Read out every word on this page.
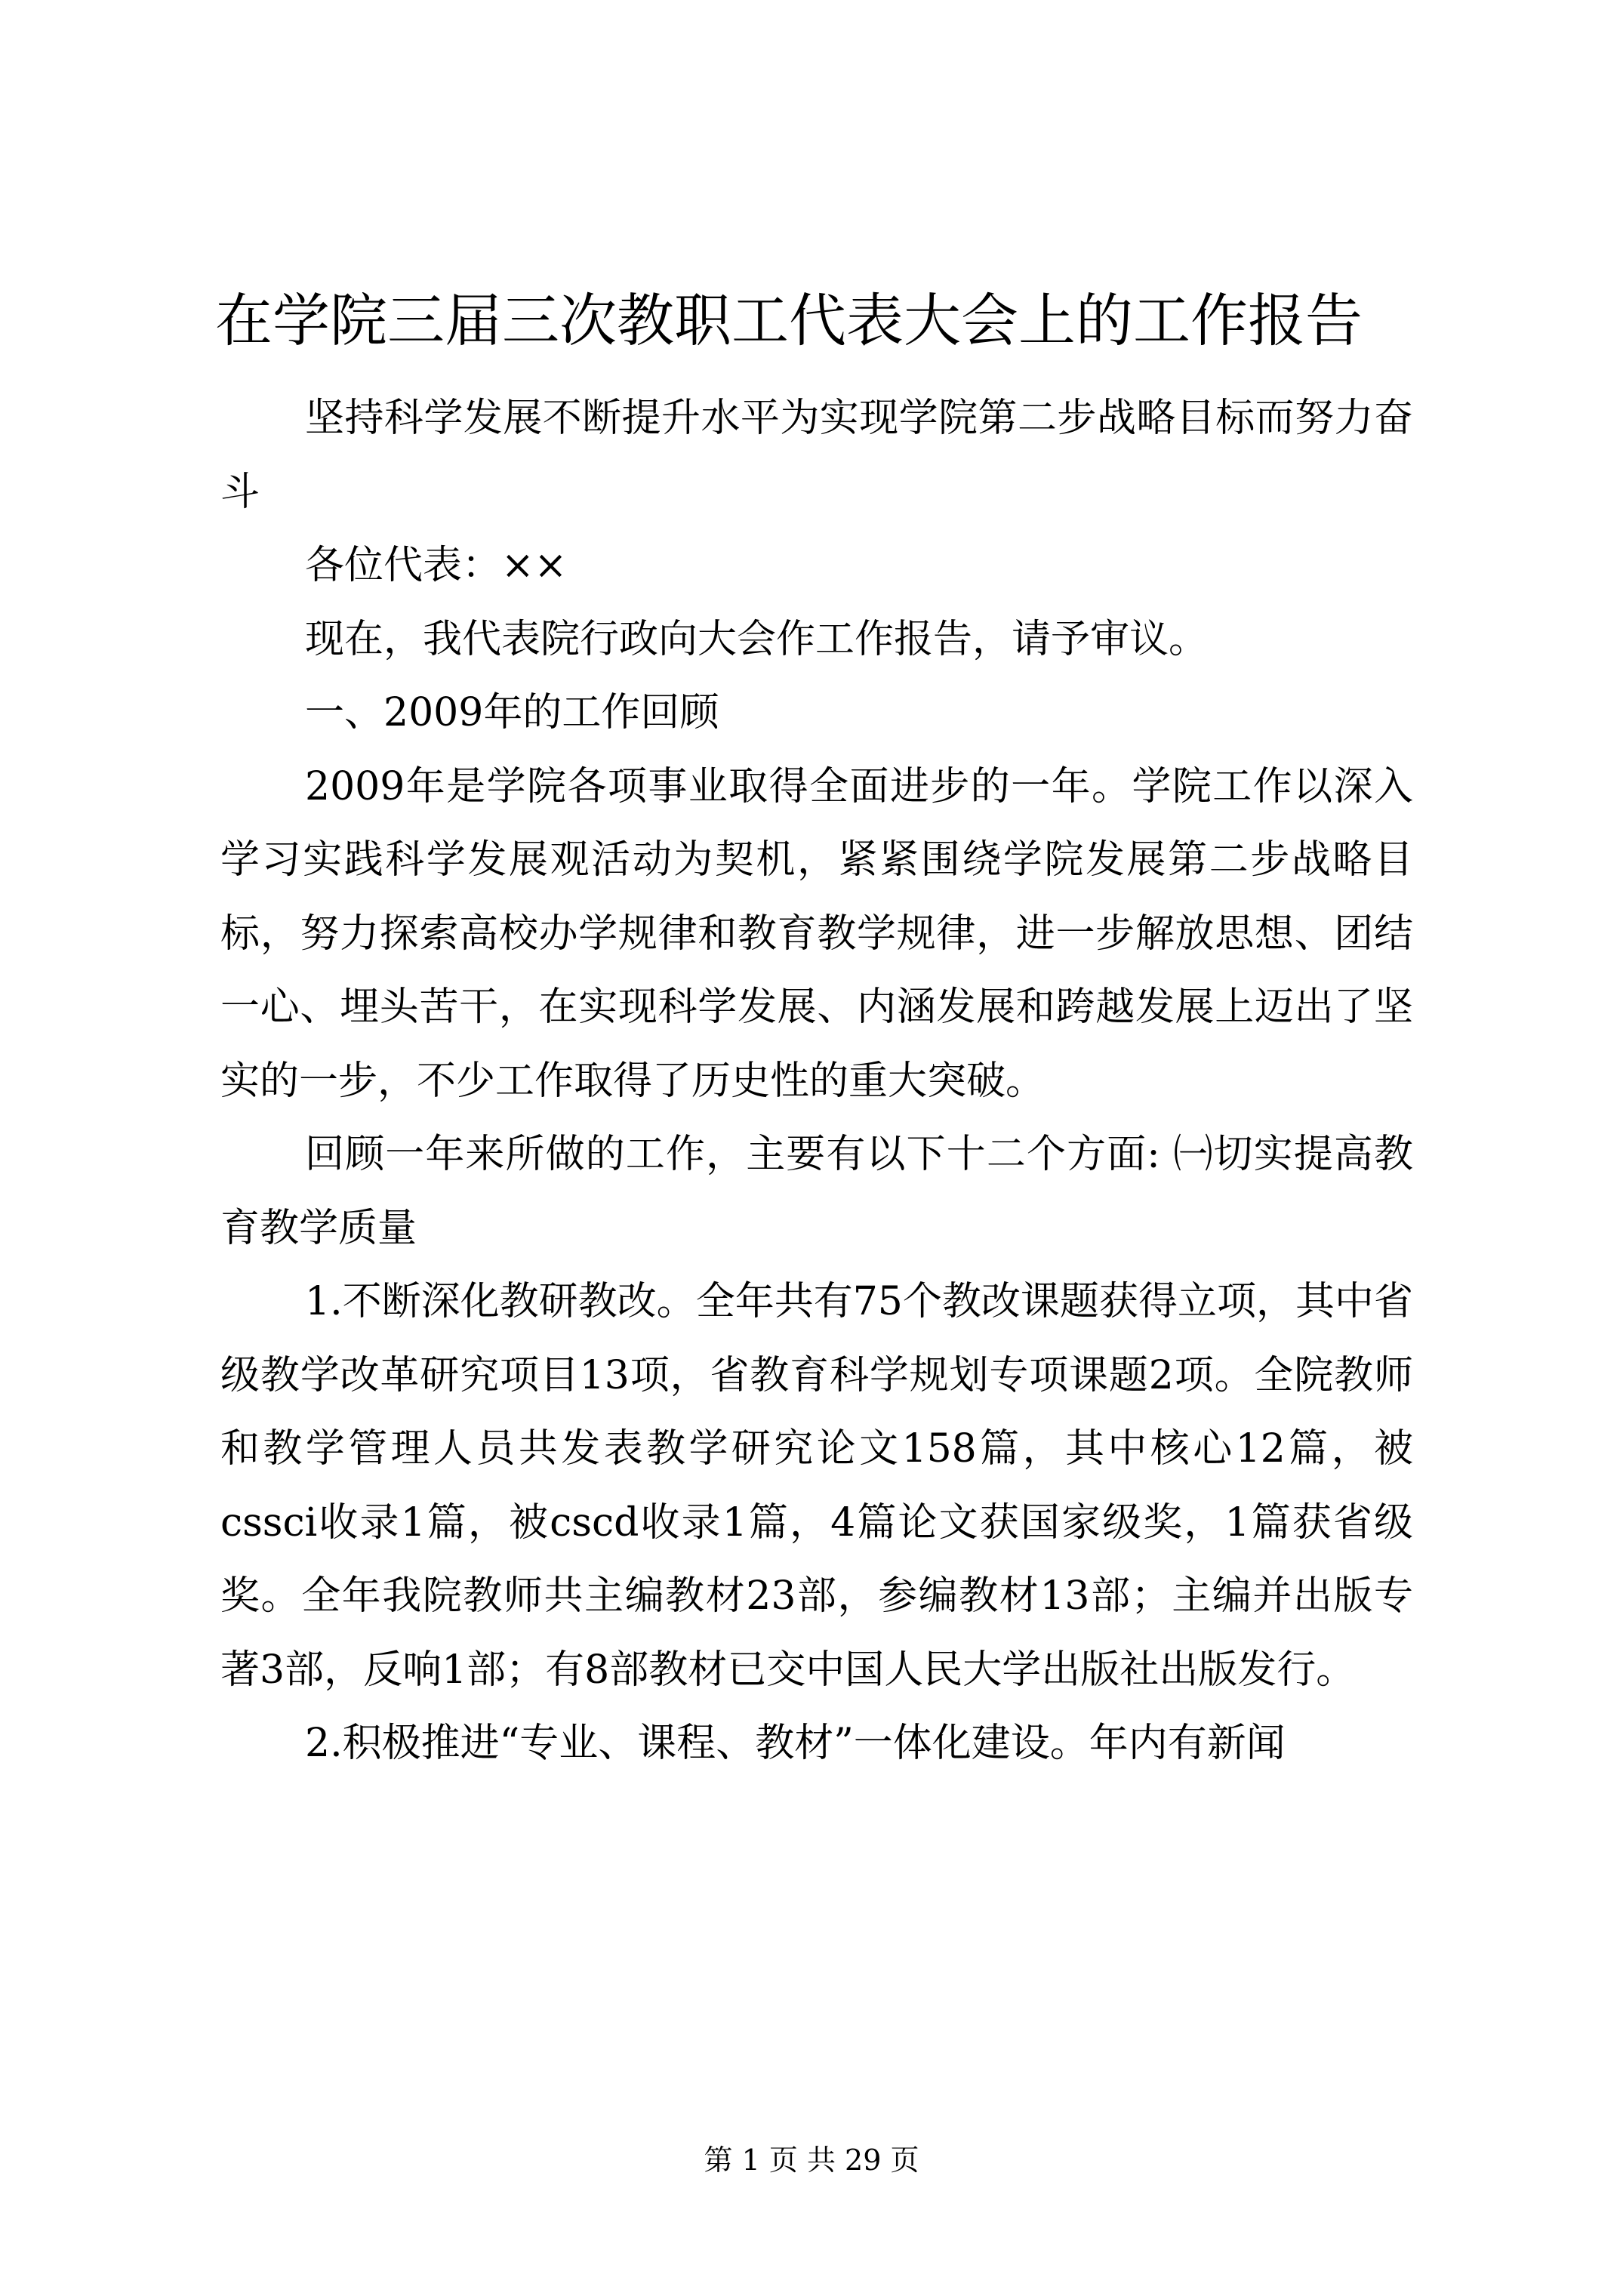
在学院三届三次教职工代表大会上的工作报告

坚持科学发展不断提升水平为实现学院第二步战略目标而努力奋斗

各位代表：××

现在，我代表院行政向大会作工作报告，请予审议。

一、2009年的工作回顾

2009年是学院各项事业取得全面进步的一年。学院工作以深入学习实践科学发展观活动为契机，紧紧围绕学院发展第二步战略目标，努力探索高校办学规律和教育教学规律，进一步解放思想、团结一心、埋头苦干，在实现科学发展、内涵发展和跨越发展上迈出了坚实的一步，不少工作取得了历史性的重大突破。

回顾一年来所做的工作，主要有以下十二个方面: ㈠切实提高教育教学质量

1.不断深化教研教改。全年共有75个教改课题获得立项，其中省级教学改革研究项目13项，省教育科学规划专项课题2项。全院教师和教学管理人员共发表教学研究论文158篇，其中核心12篇，被cssci收录1篇，被cscd收录1篇，4篇论文获国家级奖，1篇获省级奖。全年我院教师共主编教材23部，参编教材13部；主编并出版专著3部，反响1部；有8部教材已交中国人民大学出版社出版发行。

2.积极推进“专业、课程、教材”一体化建设。年内有新闻

第 1 页 共 29 页
